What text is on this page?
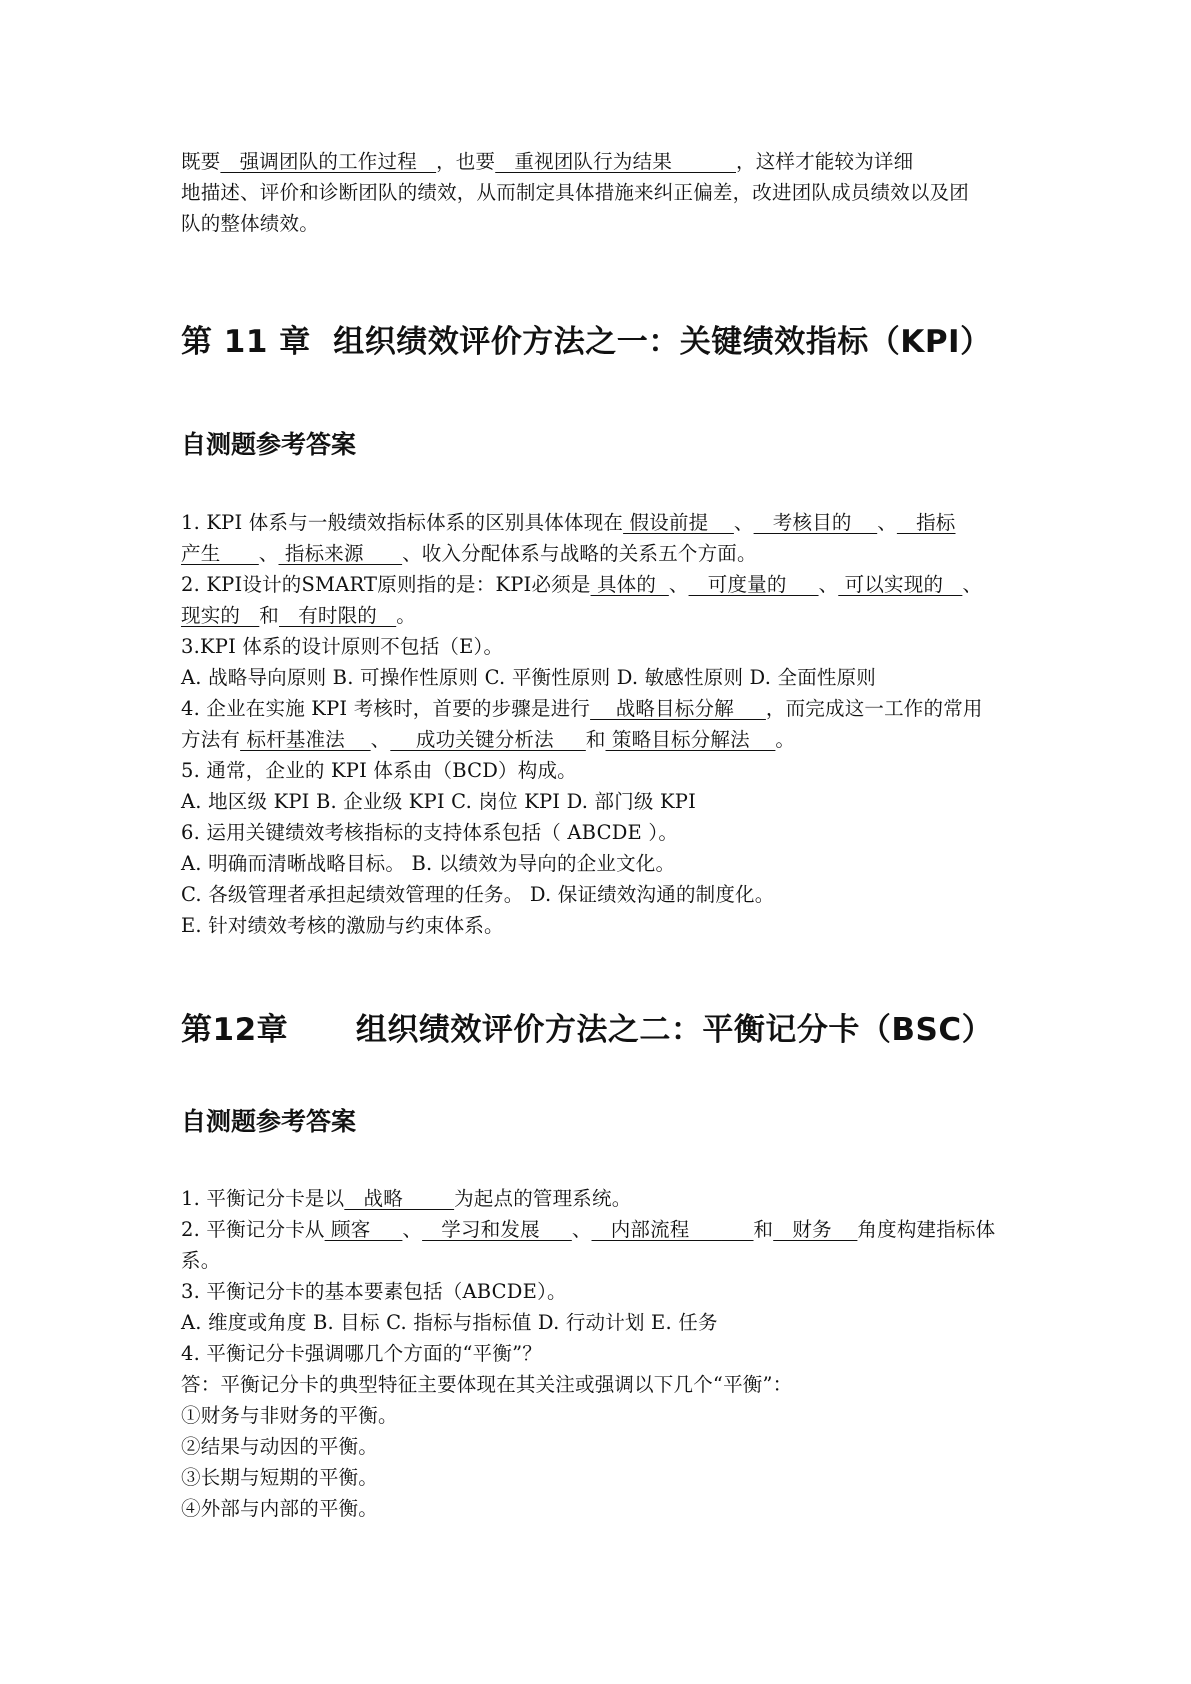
既要   强调团队的工作过程   ，也要   重视团队行为结果          ，这样才能较为详细
地描述、评价和诊断团队的绩效，从而制定具体措施来纠正偏差，改进团队成员绩效以及团
队的整体绩效。
第 11 章  组织绩效评价方法之一：关键绩效指标（KPI）
自测题参考答案
1. KPI 体系与一般绩效指标体系的区别具体体现在 假设前提    、   考核目的    、   指标
产生      、 指标来源      、收入分配体系与战略的关系五个方面。
2. KPI设计的SMART原则指的是：KPI必须是 具体的  、   可度量的     、 可以实现的   、
现实的   和   有时限的   。
3.KPI 体系的设计原则不包括（E）。
A. 战略导向原则 B. 可操作性原则 C. 平衡性原则 D. 敏感性原则 D. 全面性原则
4. 企业在实施 KPI 考核时，首要的步骤是进行    战略目标分解     ，而完成这一工作的常用
方法有 标杆基准法    、    成功关键分析法     和 策略目标分解法    。
5. 通常，企业的 KPI 体系由（BCD）构成。
A. 地区级 KPI B. 企业级 KPI C. 岗位 KPI D. 部门级 KPI
6. 运用关键绩效考核指标的支持体系包括（ ABCDE ）。
A. 明确而清晰战略目标。 B. 以绩效为导向的企业文化。
C. 各级管理者承担起绩效管理的任务。 D. 保证绩效沟通的制度化。
E. 针对绩效考核的激励与约束体系。
第12章      组织绩效评价方法之二：平衡记分卡（BSC）
自测题参考答案
1. 平衡记分卡是以   战略        为起点的管理系统。
2. 平衡记分卡从 顾客     、   学习和发展     、   内部流程          和   财务    角度构建指标体
系。
3. 平衡记分卡的基本要素包括（ABCDE）。
A. 维度或角度 B. 目标 C. 指标与指标值 D. 行动计划 E. 任务
4. 平衡记分卡强调哪几个方面的“平衡”？
答：平衡记分卡的典型特征主要体现在其关注或强调以下几个“平衡”：
①财务与非财务的平衡。
②结果与动因的平衡。
③长期与短期的平衡。
④外部与内部的平衡。
